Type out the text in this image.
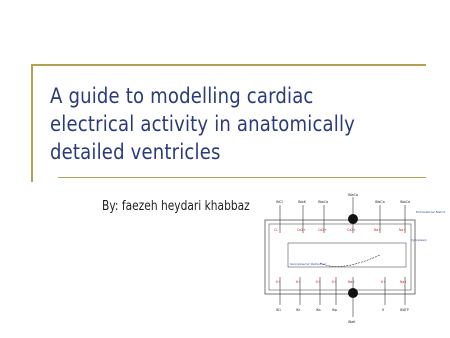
A guide to modelling cardiac electrical activity in anatomically detailed ventricles
By: faezeh heydari khabbaz	INCl	INaK	INaCa
INaCa
INsCa	INaCa
Cl-	Ca2+	Ca2+	Ca2+	Na+	Na+
Extracellular Matrix
Cytoplasm
Sarcoplasmic Reticulum
K+	K+	K+	K+	Na+	K+	Na+
IK1	IKr	IKs	IKp
INaK
If	IKATP
